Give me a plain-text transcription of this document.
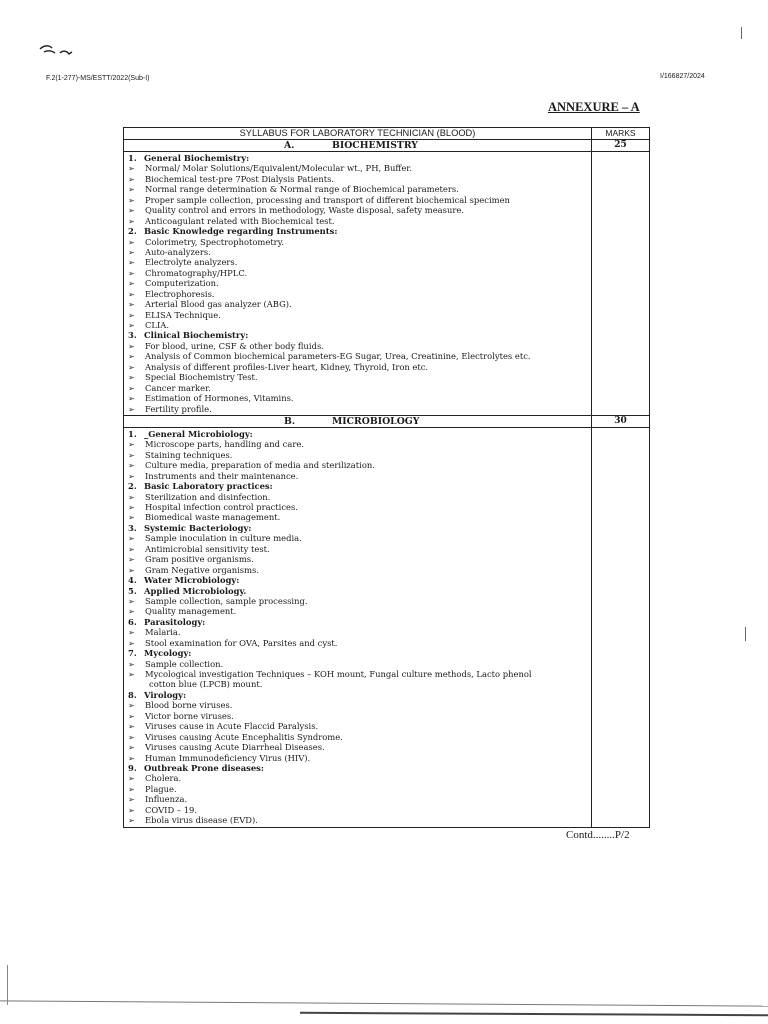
F.2(1-277)-MS/ESTT/2022(Sub-I)	I/166827/2024
ANNEXURE – A
SYLLABUS FOR LABORATORY TECHNICIAN (BLOOD)	MARKS
A.	BIOCHEMISTRY	25
1. General Biochemistry:
➢ Normal/ Molar Solutions/Equivalent/Molecular wt., PH, Buffer.
➢ Biochemical test-pre 7Post Dialysis Patients.
➢ Normal range determination & Normal range of Biochemical parameters.
➢ Proper sample collection, processing and transport of different biochemical specimen
➢ Quality control and errors in methodology, Waste disposal, safety measure.
➢ Anticoagulant related with Biochemical test.
2. Basic Knowledge regarding Instruments:
➢ Colorimetry, Spectrophotometry.
➢ Auto-analyzers.
➢ Electrolyte analyzers.
➢ Chromatography/HPLC.
➢ Computerization.
➢ Electrophoresis.
➢ Arterial Blood gas analyzer (ABG).
➢ ELISA Technique.
➢ CLIA.
3. Clinical Biochemistry:
➢ For blood, urine, CSF & other body fluids.
➢ Analysis of Common biochemical parameters-EG Sugar, Urea, Creatinine, Electrolytes etc.
➢ Analysis of different profiles-Liver heart, Kidney, Thyroid, Iron etc.
➢ Special Biochemistry Test.
➢ Cancer marker.
➢ Estimation of Hormones, Vitamins.
➢ Fertility profile.
B.	MICROBIOLOGY	30
1. _General Microbiology:
➢ Microscope parts, handling and care.
➢ Staining techniques.
➢ Culture media, preparation of media and sterilization.
➢ Instruments and their maintenance.
2. Basic Laboratory practices:
➢ Sterilization and disinfection.
➢ Hospital infection control practices.
➢ Biomedical waste management.
3. Systemic Bacteriology:
➢ Sample inoculation in culture media.
➢ Antimicrobial sensitivity test.
➢ Gram positive organisms.
➢ Gram Negative organisms.
4. Water Microbiology:
5. Applied Microbiology.
➢ Sample collection, sample processing.
➢ Quality management.
6. Parasitology:
➢ Malaria.
➢ Stool examination for OVA, Parsites and cyst.
7. Mycology:
➢ Sample collection.
➢ Mycological investigation Techniques – KOH mount, Fungal culture methods, Lacto phenol
cotton blue (LPCB) mount.
8. Virology:
➢ Blood borne viruses.
➢ Victor borne viruses.
➢ Viruses cause in Acute Flaccid Paralysis.
➢ Viruses causing Acute Encephalitis Syndrome.
➢ Viruses causing Acute Diarrheal Diseases.
➢ Human Immunodeficiency Virus (HIV).
9. Outbreak Prone diseases:
➢ Cholera.
➢ Plague.
➢ Influenza.
➢ COVID – 19.
➢ Ebola virus disease (EVD).
Contd........P/2
